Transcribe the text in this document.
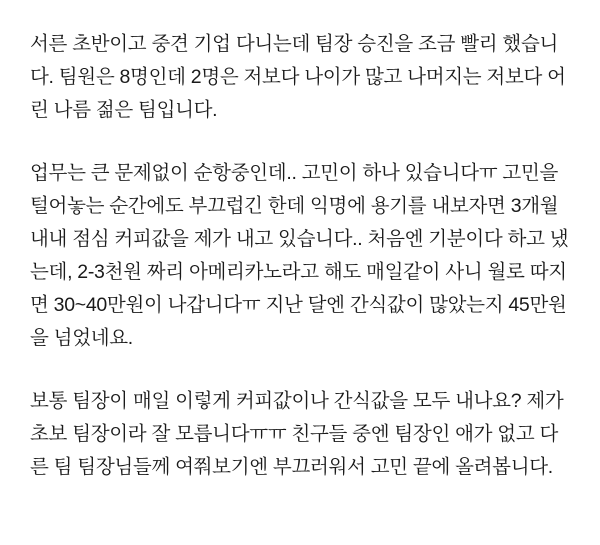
서른 초반이고 중견 기업 다니는데 팀장 승진을 조금 빨리 했습니다. 팀원은 8명인데 2명은 저보다 나이가 많고 나머지는 저보다 어린 나름 젊은 팀입니다.

업무는 큰 문제없이 순항중인데.. 고민이 하나 있습니다ㅠ 고민을 털어놓는 순간에도 부끄럽긴 한데 익명에 용기를 내보자면 3개월 내내 점심 커피값을 제가 내고 있습니다.. 처음엔 기분이다 하고 냈는데, 2-3천원 짜리 아메리카노라고 해도 매일같이 사니 월로 따지면 30~40만원이 나갑니다ㅠ 지난 달엔 간식값이 많았는지 45만원을 넘었네요.

보통 팀장이 매일 이렇게 커피값이나 간식값을 모두 내나요? 제가 초보 팀장이라 잘 모릅니다ㅠㅠ 친구들 중엔 팀장인 애가 없고 다른 팀 팀장님들께 여쭤보기엔 부끄러워서 고민 끝에 올려봅니다.
